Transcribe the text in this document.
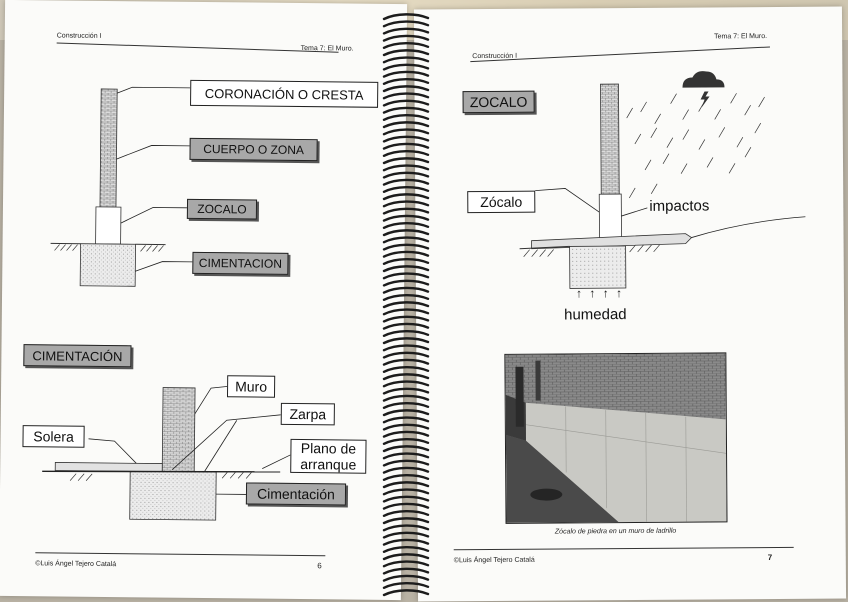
Construcción I
Tema 7: El Muro.
CORONACIÓN O CRESTA
CUERPO O ZONA
ZOCALO
CIMENTACION
CIMENTACIÓN
Muro
Zarpa
Solera
Plano de arranque
Cimentación
©Luis Ángel Tejero Catalá	6
Construcción I
Tema 7: El Muro.
ZOCALO
Zócalo	impactos
↑ ↑ ↑ ↑
humedad
Zócalo de piedra en un muro de ladrillo
©Luis Ángel Tejero Catalá	7
